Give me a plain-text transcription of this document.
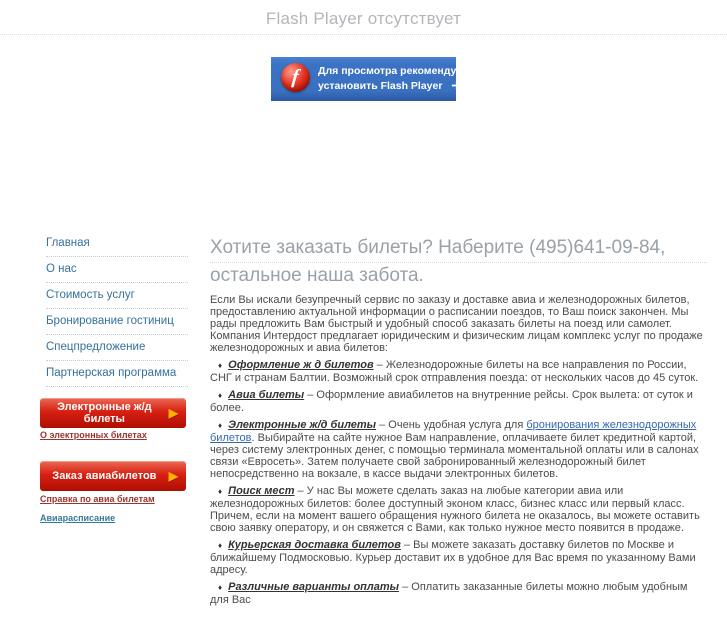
Flash Player отсутствует
f Для просмотра рекомендуется
установить Flash Player ➔
Главная
О нас
Стоимость услуг
Бронирование гостиниц
Спецпредложение
Партнерская программа
Электронные ж/д билеты	▶
О электронных билетах
Заказ авиабилетов	▶
Справка по авиа билетам
Авиарасписание
Хотите заказать билеты? Наберите (495)641-09-84,
остальное наша забота.

Если Вы искали безупречный сервис по заказу и доставке авиа и железнодорожных билетов, предоставлению актуальной информации о расписании поездов, то Ваш поиск закончен. Мы рады предложить Вам быстрый и удобный способ заказать билеты на поезд или самолет.

Компания Интердост предлагает юридическим и физическим лицам комплекс услуг по продаже железнодорожных и авиа билетов:

♦ Оформление ж д билетов – Железнодорожные билеты на все направления по России, СНГ и странам Балтии. Возможный срок отправления поезда: от нескольких часов до 45 суток.
♦ Авиа билеты – Оформление авиабилетов на внутренние рейсы. Срок вылета: от суток и более.
♦ Электронные ж/д билеты – Очень удобная услуга для бронирования железнодорожных билетов. Выбирайте на сайте нужное Вам направление, оплачиваете билет кредитной картой, через систему электронных денег, с помощью терминала моментальной оплаты или в салонах связи «Евросеть». Затем получаете свой забронированный железнодорожный билет непосредственно на вокзале, в кассе выдачи электронных билетов.
♦ Поиск мест – У нас Вы можете сделать заказ на любые категории авиа или железнодорожных билетов: более доступный эконом класс, бизнес класс или первый класс. Причем, если на момент вашего обращения нужного билета не оказалось, вы можете оставить свою заявку оператору, и он свяжется с Вами, как только нужное место появится в продаже.
♦ Курьерская доставка билетов – Вы можете заказать доставку билетов по Москве и ближайшему Подмосковью. Курьер доставит их в удобное для Вас время по указанному Вами адресу.
♦ Различные варианты оплаты – Оплатить заказанные билеты можно любым удобным для Вас
